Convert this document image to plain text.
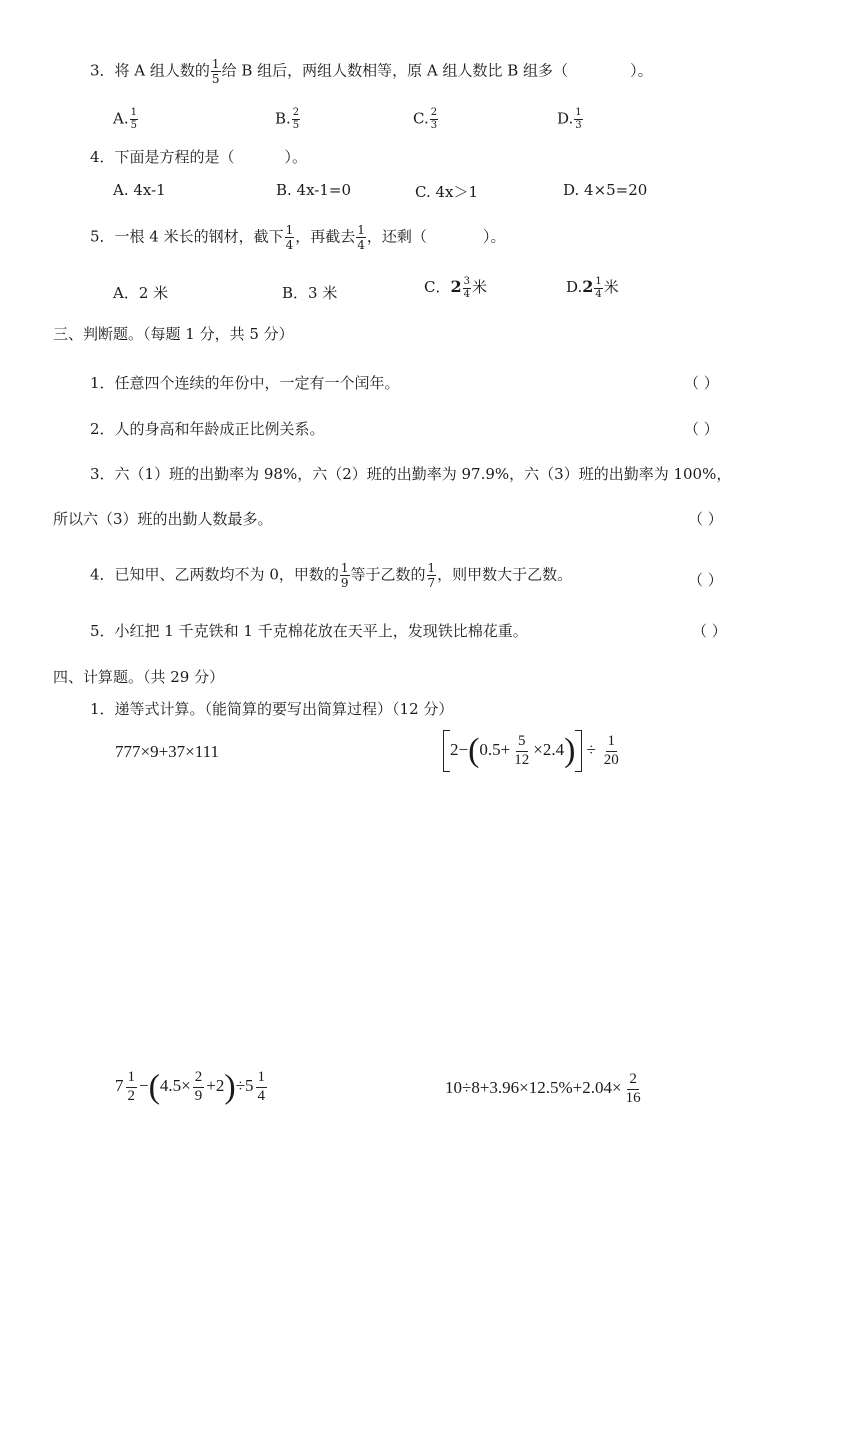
3．将 A 组人数的 $\frac{1}{5}$ 给 B 组后，两组人数相等，原 A 组人数比 B 组多（	）。
A. $\frac{1}{5}$	B. $\frac{2}{5}$	C. $\frac{2}{3}$	D. $\frac{1}{3}$
4．下面是方程的是（	）。
A. 4x-1	B. 4x-1=0	C. 4x＞1	D. 4×5=20
5．一根 4 米长的钢材，截下 $\frac{1}{4}$ ，再截去 $\frac{1}{4}$ ，还剩（	）。
A．2 米	B．3 米	C．$2 \frac{3}{4}$ 米	$D.2 \frac{1}{4}$ 米
三、判断题。（每题 1 分，共 5 分）
1．任意四个连续的年份中，一定有一个闰年。	（ ）
2．人的身高和年龄成正比例关系。	（ ）
3．六（1）班的出勤率为 98%，六（2）班的出勤率为 97.9%，六（3）班的出勤率为 100%，
所以六（3）班的出勤人数最多。	（ ）
4．已知甲、乙两数均不为 0，甲数的 $\frac{1}{9}$ 等于乙数的 $\frac{1}{7}$ ，则甲数大于乙数。	（ ）
5．小红把 1 千克铁和 1 千克棉花放在天平上，发现铁比棉花重。	（ ）
四、计算题。（共 29 分）
1．递等式计算。（能简算的要写出简算过程）（12 分）
777×9+37×111	$2-(0.5+ \frac{5}{12} \times 2.4) \div \frac{1}{20}$
$7 \frac{1}{2} -(4.5\times \frac{2}{9} +2)\div 5 \frac{1}{4}$	$10\div 8+3.96\times 12.5\%+2.04\times \frac{2}{16}$
